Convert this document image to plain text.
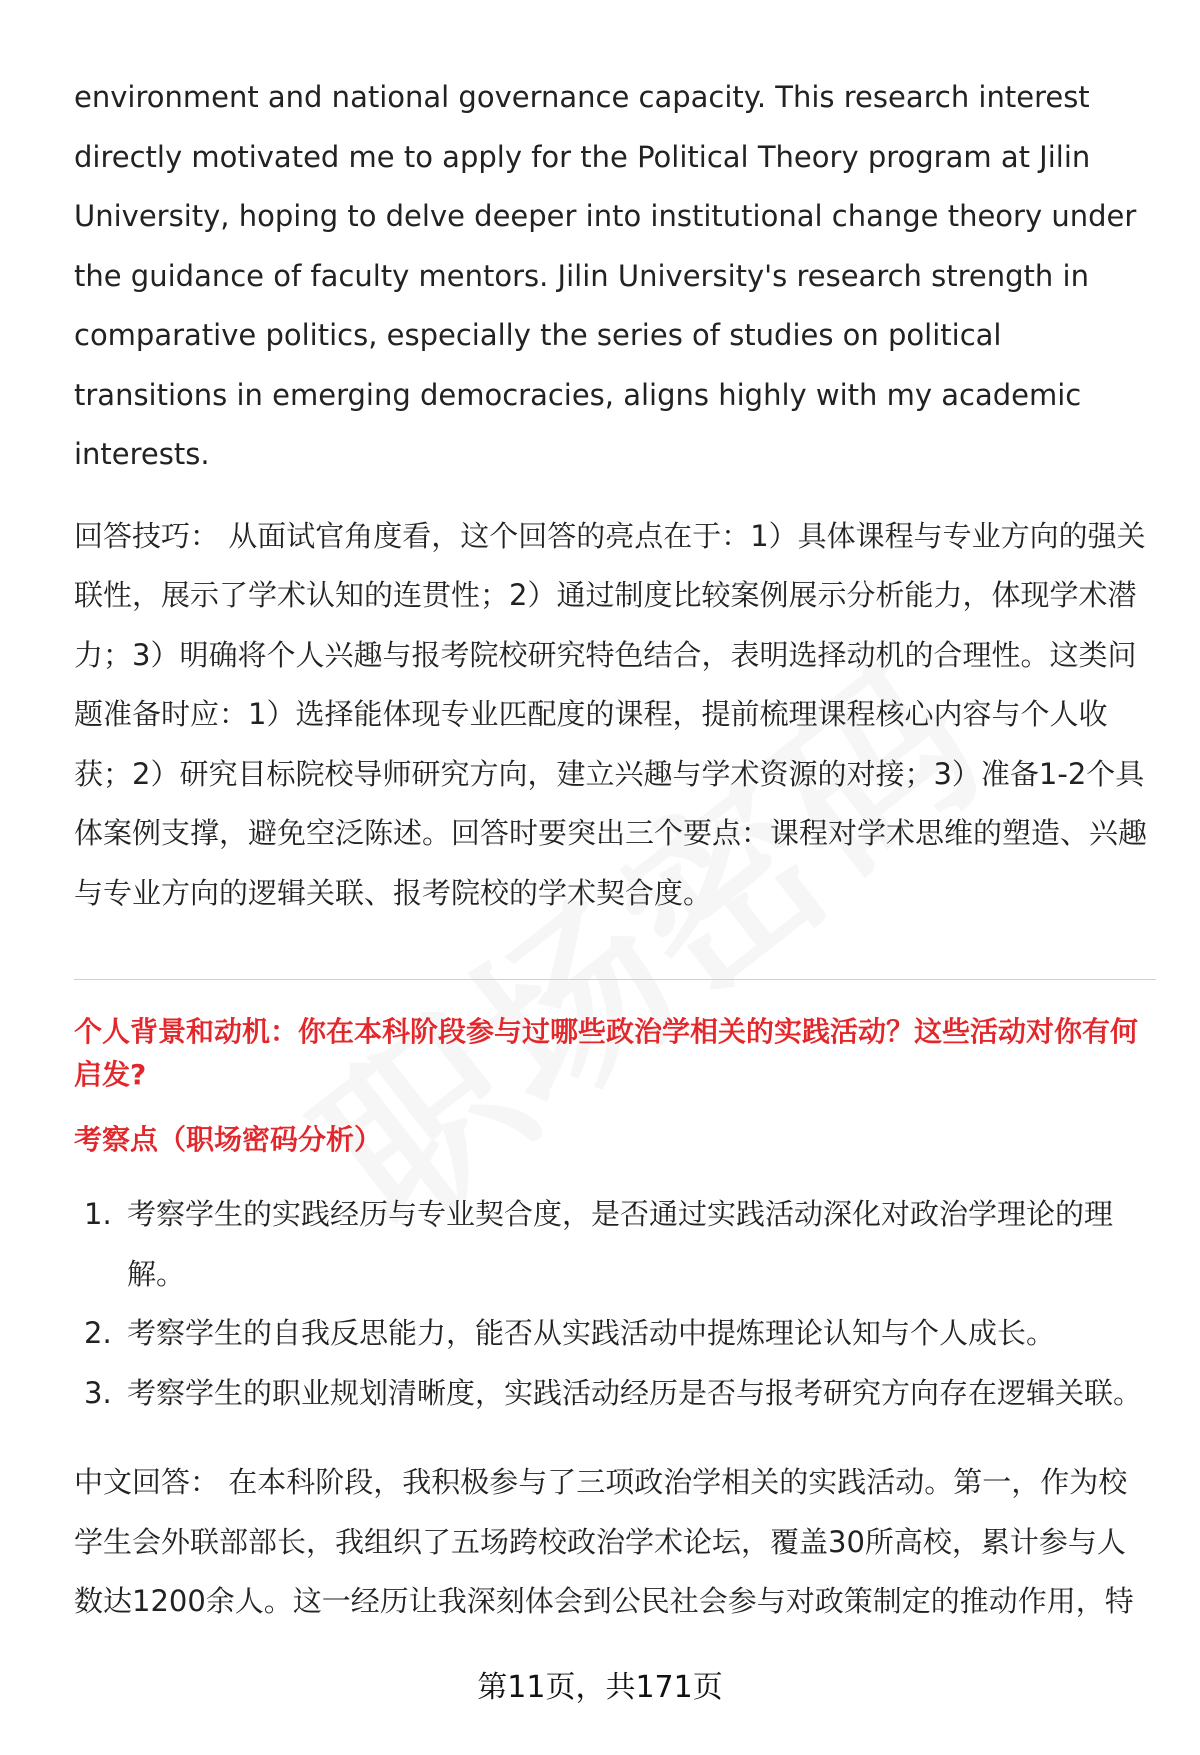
environment and national governance capacity. This research interest directly motivated me to apply for the Political Theory program at Jilin University, hoping to delve deeper into institutional change theory under the guidance of faculty mentors. Jilin University's research strength in comparative politics, especially the series of studies on political transitions in emerging democracies, aligns highly with my academic interests.

回答技巧： 从面试官角度看，这个回答的亮点在于：1）具体课程与专业方向的强关联性，展示了学术认知的连贯性；2）通过制度比较案例展示分析能力，体现学术潜力；3）明确将个人兴趣与报考院校研究特色结合，表明选择动机的合理性。这类问题准备时应：1）选择能体现专业匹配度的课程，提前梳理课程核心内容与个人收获；2）研究目标院校导师研究方向，建立兴趣与学术资源的对接；3）准备1-2个具体案例支撑，避免空泛陈述。回答时要突出三个要点：课程对学术思维的塑造、兴趣与专业方向的逻辑关联、报考院校的学术契合度。

个人背景和动机：你在本科阶段参与过哪些政治学相关的实践活动？这些活动对你有何启发?

考察点（职场密码分析）

1. 考察学生的实践经历与专业契合度，是否通过实践活动深化对政治学理论的理解。
2. 考察学生的自我反思能力，能否从实践活动中提炼理论认知与个人成长。
3. 考察学生的职业规划清晰度，实践活动经历是否与报考研究方向存在逻辑关联。

中文回答： 在本科阶段，我积极参与了三项政治学相关的实践活动。第一，作为校学生会外联部部长，我组织了五场跨校政治学术论坛，覆盖30所高校，累计参与人数达1200余人。这一经历让我深刻体会到公民社会参与对政策制定的推动作用，特

第11页，共171页
